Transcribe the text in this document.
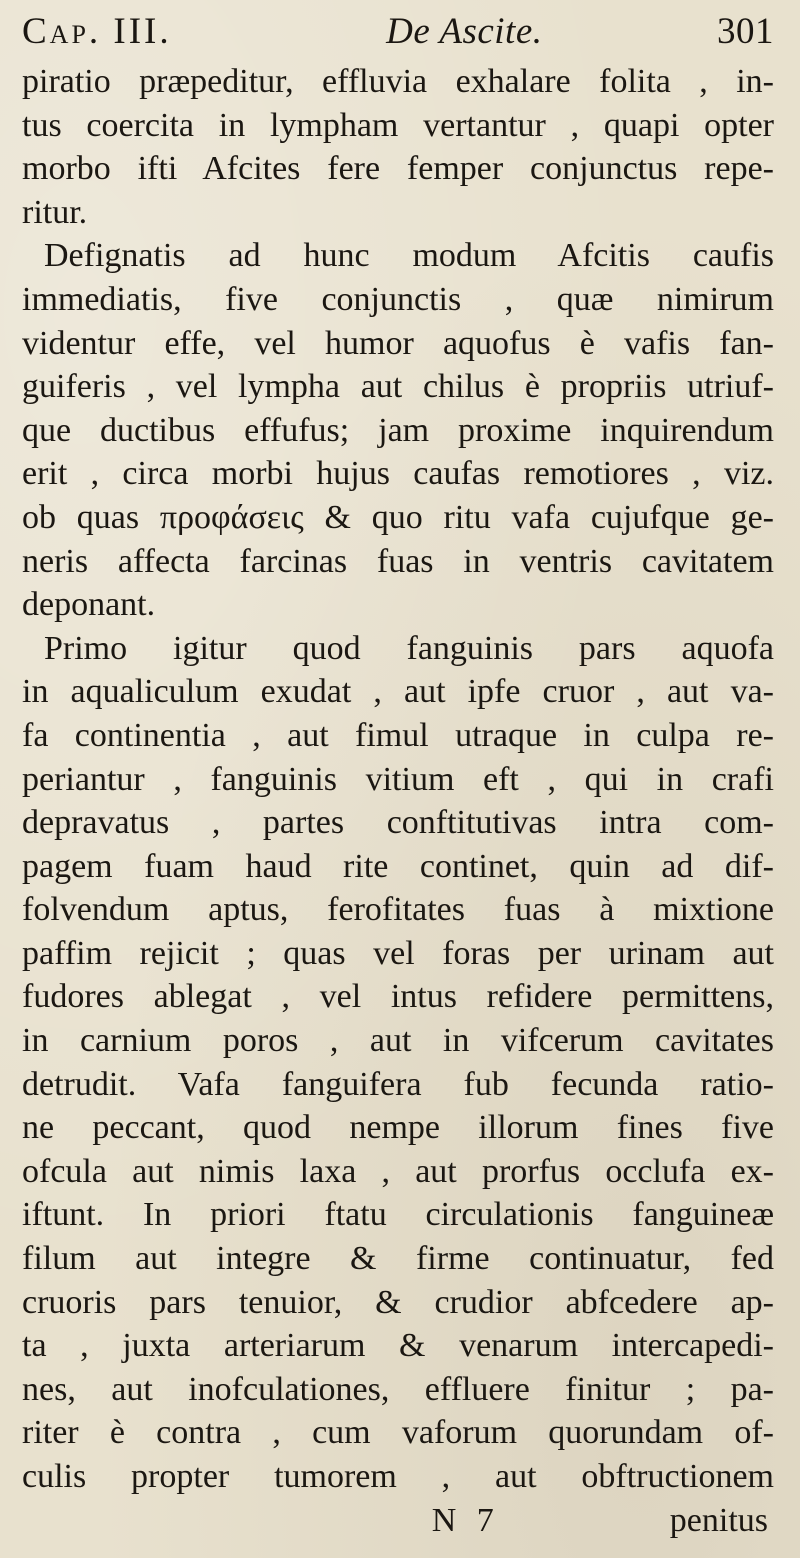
Cap. III.	De Ascite.	301
piratio præpeditur, effluvia exhalare folita , in-
tus coercita in lympham vertantur , quapi opter
morbo ifti Afcites fere femper conjunctus repe-
ritur.
Defignatis ad hunc modum Afcitis caufis
immediatis, five conjunctis , quæ nimirum
videntur effe, vel humor aquofus è vafis fan-
guiferis , vel lympha aut chilus è propriis utriuf-
que ductibus effufus; jam proxime inquirendum
erit , circa morbi hujus caufas remotiores , viz.
ob quas προφάσεις & quo ritu vafa cujufque ge-
neris affecta farcinas fuas in ventris cavitatem
deponant.
Primo igitur quod fanguinis pars aquofa
in aqualiculum exudat , aut ipfe cruor , aut va-
fa continentia , aut fimul utraque in culpa re-
periantur , fanguinis vitium eft , qui in crafi
depravatus , partes conftitutivas intra com-
pagem fuam haud rite continet, quin ad dif-
folvendum aptus, ferofitates fuas à mixtione
paffim rejicit ; quas vel foras per urinam aut
fudores ablegat , vel intus refidere permittens,
in carnium poros , aut in vifcerum cavitates
detrudit. Vafa fanguifera fub fecunda ratio-
ne peccant, quod nempe illorum fines five
ofcula aut nimis laxa , aut prorfus occlufa ex-
iftunt. In priori ftatu circulationis fanguineæ
filum aut integre & firme continuatur, fed
cruoris pars tenuior, & crudior abfcedere ap-
ta , juxta arteriarum & venarum intercapedi-
nes, aut inofculationes, effluere finitur ; pa-
riter è contra , cum vaforum quorundam of-
culis propter tumorem , aut obftructionem
N 7	penitus
